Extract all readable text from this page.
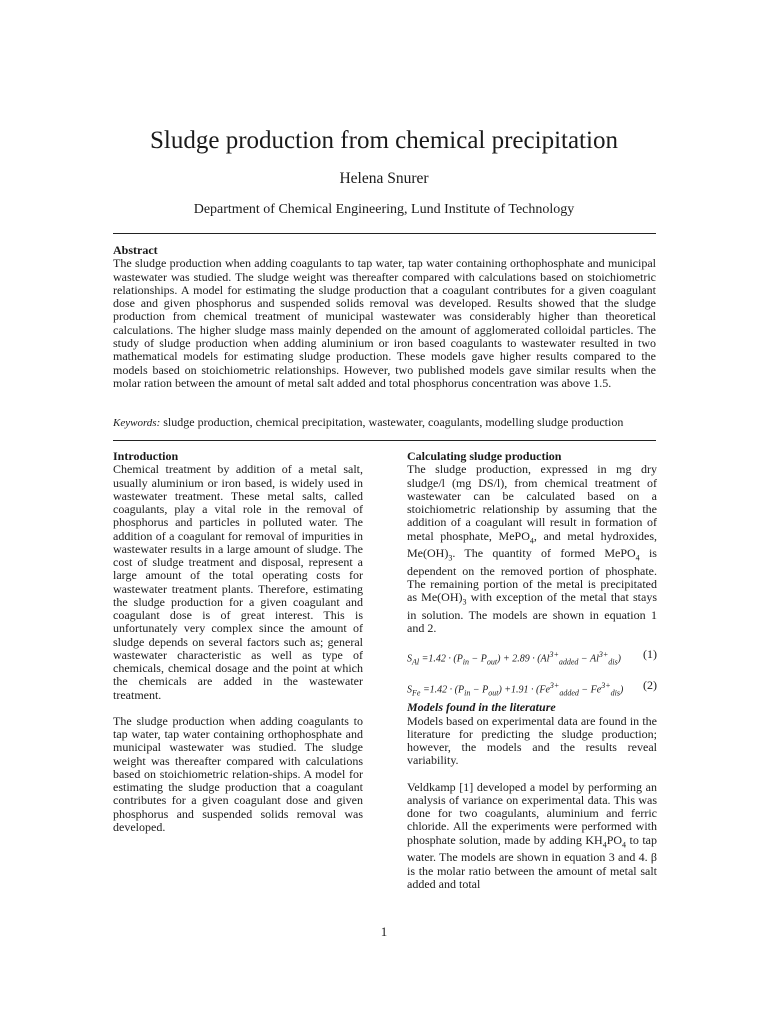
Sludge production from chemical precipitation
Helena Snurer
Department of Chemical Engineering, Lund Institute of Technology
Abstract
The sludge production when adding coagulants to tap water, tap water containing orthophosphate and municipal wastewater was studied. The sludge weight was thereafter compared with calculations based on stoichiometric relationships. A model for estimating the sludge production that a coagulant contributes for a given coagulant dose and given phosphorus and suspended solids removal was developed. Results showed that the sludge production from chemical treatment of municipal wastewater was considerably higher than theoretical calculations. The higher sludge mass mainly depended on the amount of agglomerated colloidal particles. The study of sludge production when adding aluminium or iron based coagulants to wastewater resulted in two mathematical models for estimating sludge production. These models gave higher results compared to the models based on stoichiometric relationships. However, two published models gave similar results when the molar ration between the amount of metal salt added and total phosphorus concentration was above 1.5.
Keywords: sludge production, chemical precipitation, wastewater, coagulants, modelling sludge production
Introduction

Chemical treatment by addition of a metal salt, usually aluminium or iron based, is widely used in wastewater treatment. These metal salts, called coagulants, play a vital role in the removal of phosphorus and particles in polluted water. The addition of a coagulant for removal of impurities in wastewater results in a large amount of sludge. The cost of sludge treatment and disposal, represent a large amount of the total operating costs for wastewater treatment plants. Therefore, estimating the sludge production for a given coagulant and coagulant dose is of great interest. This is unfortunately very complex since the amount of sludge depends on several factors such as; general wastewater characteristic as well as type of chemicals, chemical dosage and the point at which the chemicals are added in the wastewater treatment.

The sludge production when adding coagulants to tap water, tap water containing orthophosphate and municipal wastewater was studied. The sludge weight was thereafter compared with calculations based on stoichiometric relation-ships. A model for estimating the sludge production that a coagulant contributes for a given coagulant dose and given phosphorus and suspended solids removal was developed.

Calculating sludge production

The sludge production, expressed in mg dry sludge/l (mg DS/l), from chemical treatment of wastewater can be calculated based on a stoichiometric relationship by assuming that the addition of a coagulant will result in formation of metal phosphate, MePO$_4$, and metal hydroxides, $Me(OH)_3$. The quantity of formed MePO$_4$ is dependent on the removed portion of phosphate. The remaining portion of the metal is precipitated as $Me(OH)_3$ with exception of the metal that stays in solution. The models are shown in equation 1 and 2.

$S_{Al} =1.42 \cdot (P_{in} - P_{out}) + 2.89 \cdot (Al^{3+}_{added} - Al^{3+}_{dis})$ (1)
$S_{Fe} =1.42 \cdot (P_{in} - P_{out}) +1.91 \cdot (Fe^{3+}_{added} - Fe^{3+}_{dis})$ (2)
Models found in the literature

Models based on experimental data are found in the literature for predicting the sludge production; however, the models and the results reveal variability.

Veldkamp [1] developed a model by performing an analysis of variance on experimental data. This was done for two coagulants, aluminium and ferric chloride. All the experiments were performed with phosphate solution, made by adding $KH_4PO_4$ to tap water. The models are shown in equation 3 and 4. β is the molar ratio between the amount of metal salt added and total

1
